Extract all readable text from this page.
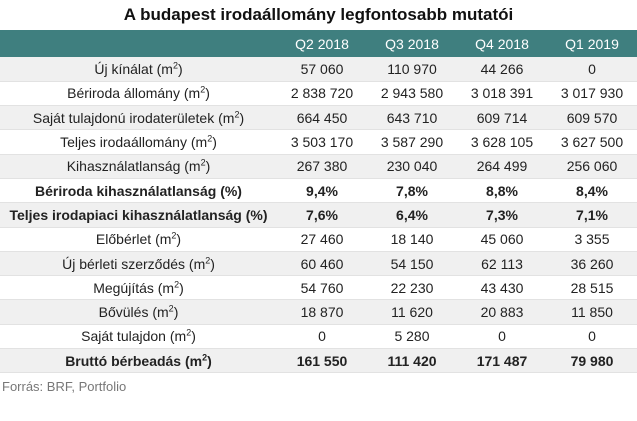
A budapest irodaállomány legfontosabb mutatói
	Q2 2018	Q3 2018	Q4 2018	Q1 2019
Új kínálat $(m^2)$	57 060	110 970	44 266	0
Bériroda állomány $(m^2)$	2 838 720	2 943 580	3 018 391	3 017 930
Saját tulajdonú irodaterületek $(m^2)$	664 450	643 710	609 714	609 570
Teljes irodaállomány $(m^2)$	3 503 170	3 587 290	3 628 105	3 627 500
Kihasználatlanság $(m^2)$	267 380	230 040	264 499	256 060
Bériroda kihasználatlanság (%)	9,4%	7,8%	8,8%	8,4%
Teljes irodapiaci kihasználatlanság (%)	7,6%	6,4%	7,3%	7,1%
Előbérlet $(m^2)$	27 460	18 140	45 060	3 355
Új bérleti szerződés $(m^2)$	60 460	54 150	62 113	36 260
Megújítás $(m^2)$	54 760	22 230	43 430	28 515
Bővülés $(m^2)$	18 870	11 620	20 883	11 850
Saját tulajdon $(m^2)$	0	5 280	0	0
Bruttó bérbeadás $(m^2)$	161 550	111 420	171 487	79 980
Forrás: BRF, Portfolio
